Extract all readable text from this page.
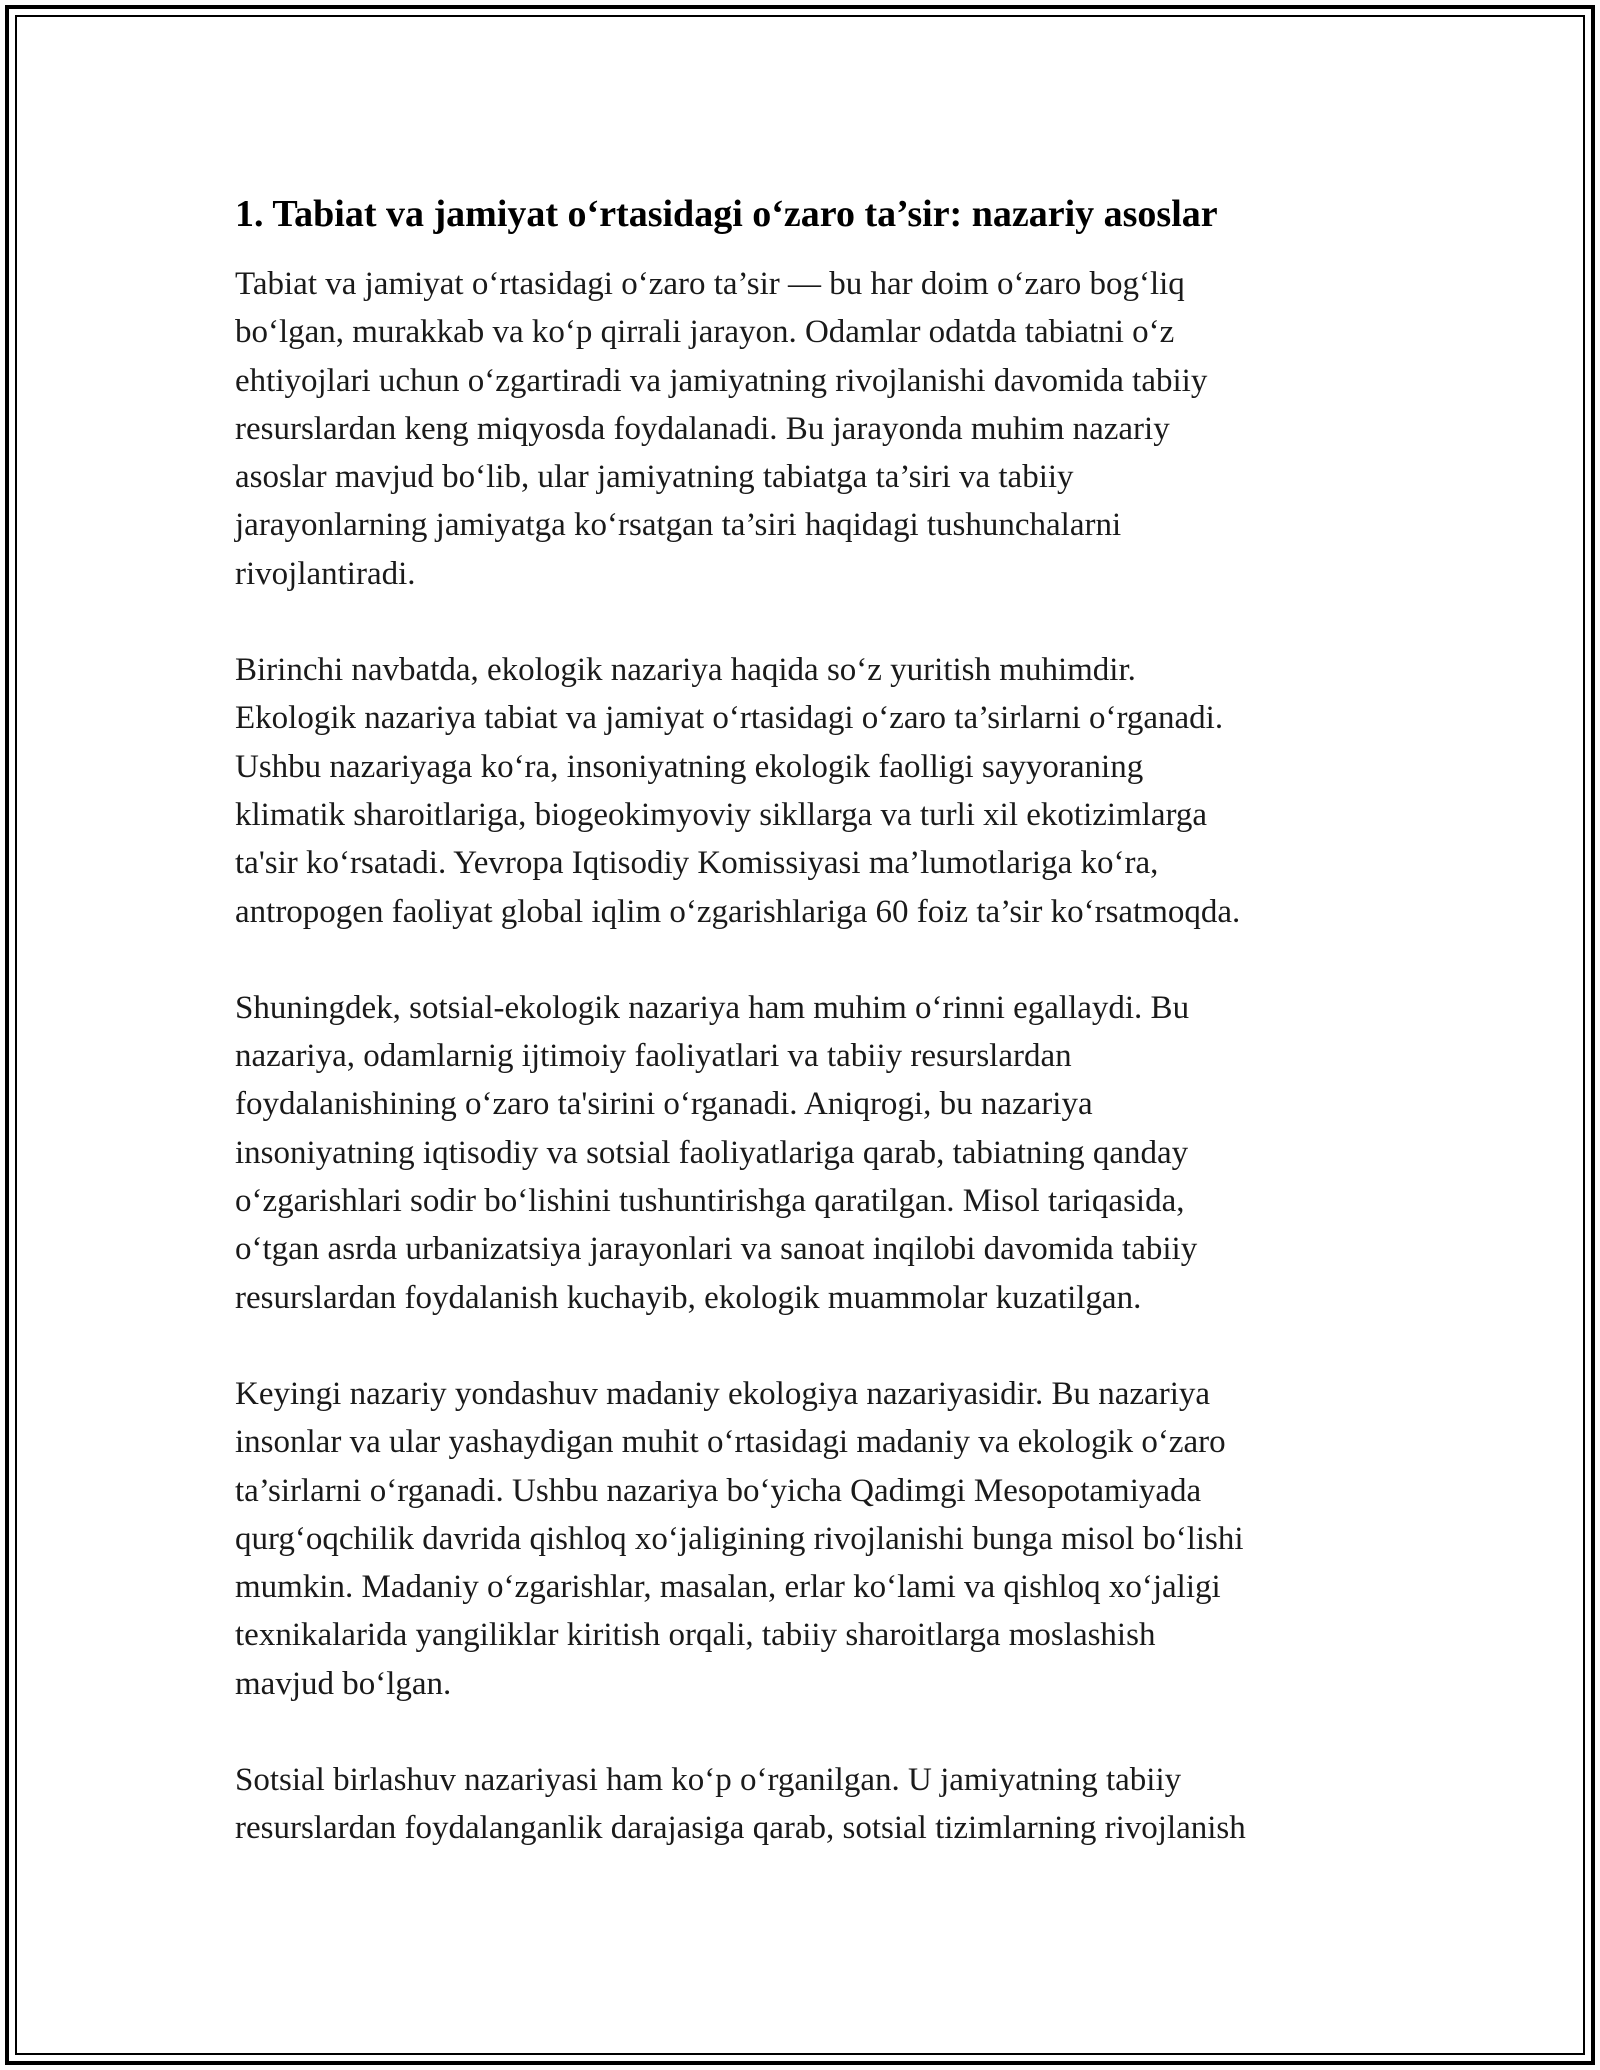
1. Tabiat va jamiyat o‘rtasidagi o‘zaro ta’sir: nazariy asoslar

Tabiat va jamiyat o‘rtasidagi o‘zaro ta’sir — bu har doim o‘zaro bog‘liq
bo‘lgan, murakkab va ko‘p qirrali jarayon. Odamlar odatda tabiatni o‘z
ehtiyojlari uchun o‘zgartiradi va jamiyatning rivojlanishi davomida tabiiy
resurslardan keng miqyosda foydalanadi. Bu jarayonda muhim nazariy
asoslar mavjud bo‘lib, ular jamiyatning tabiatga ta’siri va tabiiy
jarayonlarning jamiyatga ko‘rsatgan ta’siri haqidagi tushunchalarni
rivojlantiradi.

Birinchi navbatda, ekologik nazariya haqida so‘z yuritish muhimdir.
Ekologik nazariya tabiat va jamiyat o‘rtasidagi o‘zaro ta’sirlarni o‘rganadi.
Ushbu nazariyaga ko‘ra, insoniyatning ekologik faolligi sayyoraning
klimatik sharoitlariga, biogeokimyoviy sikllarga va turli xil ekotizimlarga
ta'sir ko‘rsatadi. Yevropa Iqtisodiy Komissiyasi ma’lumotlariga ko‘ra,
antropogen faoliyat global iqlim o‘zgarishlariga 60 foiz ta’sir ko‘rsatmoqda.

Shuningdek, sotsial-ekologik nazariya ham muhim o‘rinni egallaydi. Bu
nazariya, odamlarnig ijtimoiy faoliyatlari va tabiiy resurslardan
foydalanishining o‘zaro ta'sirini o‘rganadi. Aniqrogi, bu nazariya
insoniyatning iqtisodiy va sotsial faoliyatlariga qarab, tabiatning qanday
o‘zgarishlari sodir bo‘lishini tushuntirishga qaratilgan. Misol tariqasida,
o‘tgan asrda urbanizatsiya jarayonlari va sanoat inqilobi davomida tabiiy
resurslardan foydalanish kuchayib, ekologik muammolar kuzatilgan.

Keyingi nazariy yondashuv madaniy ekologiya nazariyasidir. Bu nazariya
insonlar va ular yashaydigan muhit o‘rtasidagi madaniy va ekologik o‘zaro
ta’sirlarni o‘rganadi. Ushbu nazariya bo‘yicha Qadimgi Mesopotamiyada
qurg‘oqchilik davrida qishloq xo‘jaligining rivojlanishi bunga misol bo‘lishi
mumkin. Madaniy o‘zgarishlar, masalan, erlar ko‘lami va qishloq xo‘jaligi
texnikalarida yangiliklar kiritish orqali, tabiiy sharoitlarga moslashish
mavjud bo‘lgan.

Sotsial birlashuv nazariyasi ham ko‘p o‘rganilgan. U jamiyatning tabiiy
resurslardan foydalanganlik darajasiga qarab, sotsial tizimlarning rivojlanish
